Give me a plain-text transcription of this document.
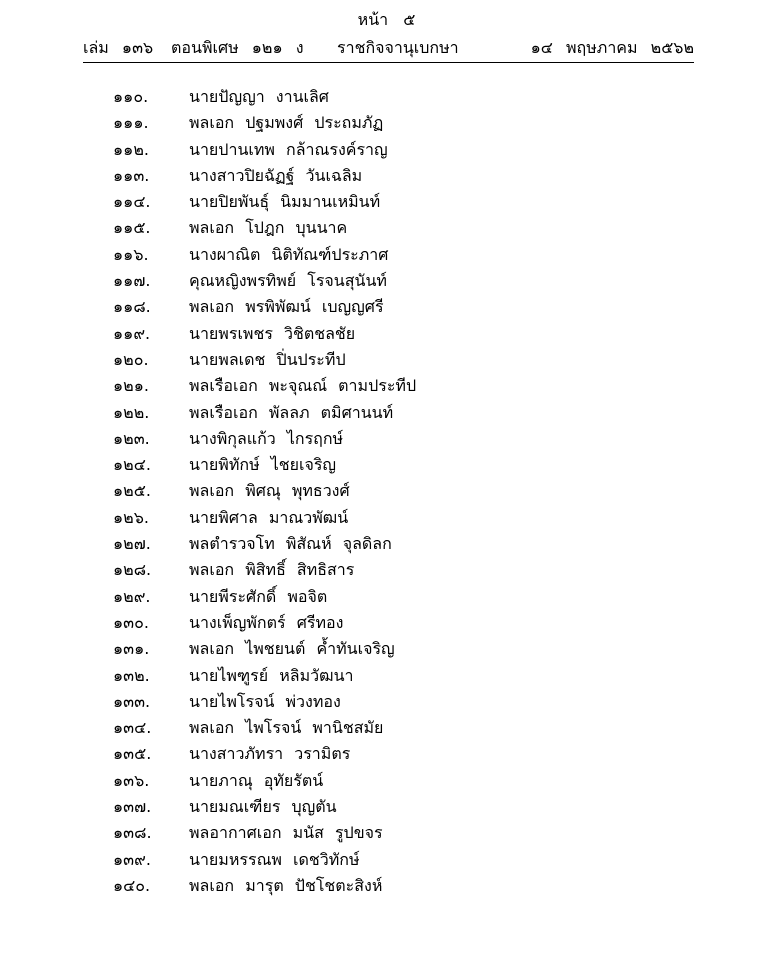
หน้า ๕
เล่ม ๑๓๖ ตอนพิเศษ ๑๒๑ ง ราชกิจจานุเบกษา	๑๔ พฤษภาคม ๒๕๖๒
๑๑๐.	นายปัญญา งานเลิศ
๑๑๑.	พลเอก ปฐมพงศ์ ประถมภัฏ
๑๑๒.	นายปานเทพ กล้าณรงค์ราญ
๑๑๓. นางสาวปิยฉัฏฐ์ วันเฉลิม
๑๑๔. นายปิยพันธุ์ นิมมานเหมินท์
๑๑๕. พลเอก โปฎก บุนนาค
๑๑๖.	นางผาณิต นิติทัณฑ์ประภาศ
๑๑๗. คุณหญิงพรทิพย์ โรจนสุนันท์
๑๑๘. พลเอก พรพิพัฒน์ เบญญศรี
๑๑๙. นายพรเพชร วิชิตชลชัย
๑๒๐.	นายพลเดช ปิ่นประทีป
๑๒๑.	พลเรือเอก พะจุณณ์ ตามประทีป
๑๒๒. พลเรือเอก พัลลภ ตมิศานนท์
๑๒๓. นางพิกุลแก้ว ไกรฤกษ์
๑๒๔. นายพิทักษ์ ไชยเจริญ
๑๒๕. พลเอก พิศณุ พุทธวงศ์
๑๒๖.	นายพิศาล มาณวพัฒน์
๑๒๗. พลตำรวจโท พิสัณห์ จุลดิลก
๑๒๘. พลเอก พิสิทธิ์ สิทธิสาร
๑๒๙. นายพีระศักดิ์ พอจิต
๑๓๐.	นางเพ็ญพักตร์ ศรีทอง
๑๓๑. พลเอก ไพชยนต์ ค้ำทันเจริญ
๑๓๒. นายไพฑูรย์ หลิมวัฒนา
๑๓๓. นายไพโรจน์ พ่วงทอง
๑๓๔. พลเอก ไพโรจน์ พานิชสมัย
๑๓๕. นางสาวภัทรา วรามิตร
๑๓๖. นายภาณุ อุทัยรัตน์
๑๓๗. นายมณเฑียร บุญตัน
๑๓๘. พลอากาศเอก มนัส รูปขจร
๑๓๙. นายมหรรณพ เดชวิทักษ์
๑๔๐. พลเอก มารุต ปัชโชตะสิงห์
